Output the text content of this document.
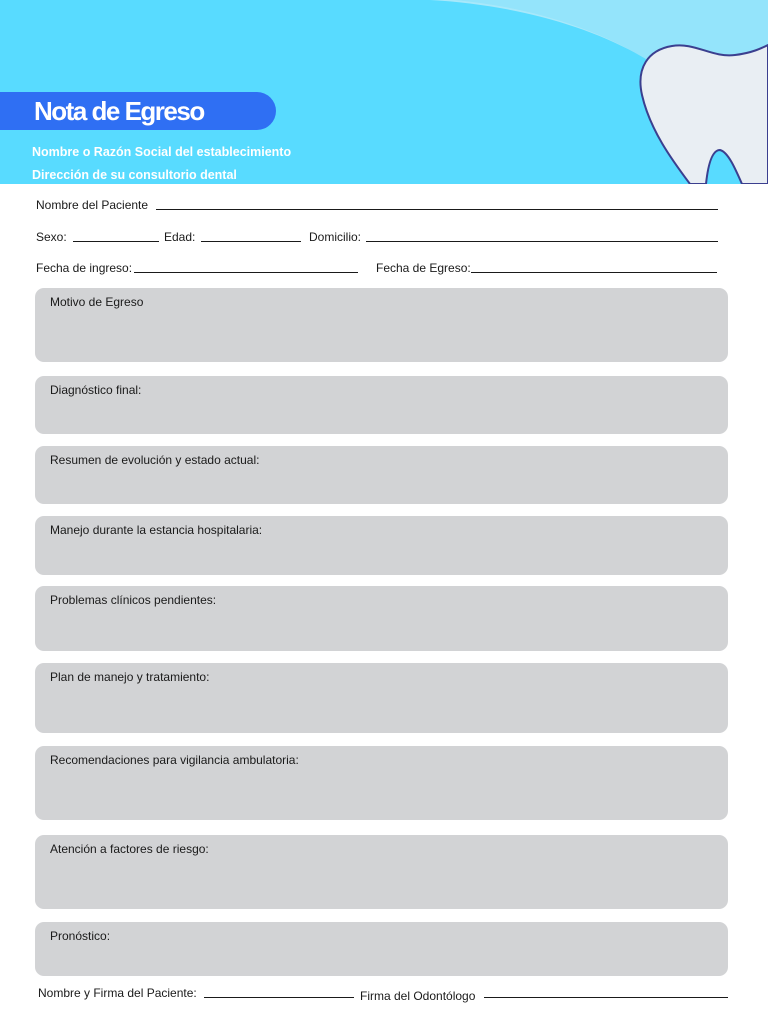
Nota de Egreso
Nombre o Razón Social del establecimiento
Dirección de su consultorio dental
Nombre del Paciente
Sexo:	Edad:	Domicilio:
Fecha de ingreso:	Fecha de Egreso:
Motivo de Egreso
Diagnóstico final:
Resumen de evolución y estado actual:
Manejo durante la estancia hospitalaria:
Problemas clínicos pendientes:
Plan de manejo y tratamiento:
Recomendaciones para vigilancia ambulatoria:
Atención a factores de riesgo:
Pronóstico:
Nombre y Firma del Paciente:	Firma del Odontólogo
